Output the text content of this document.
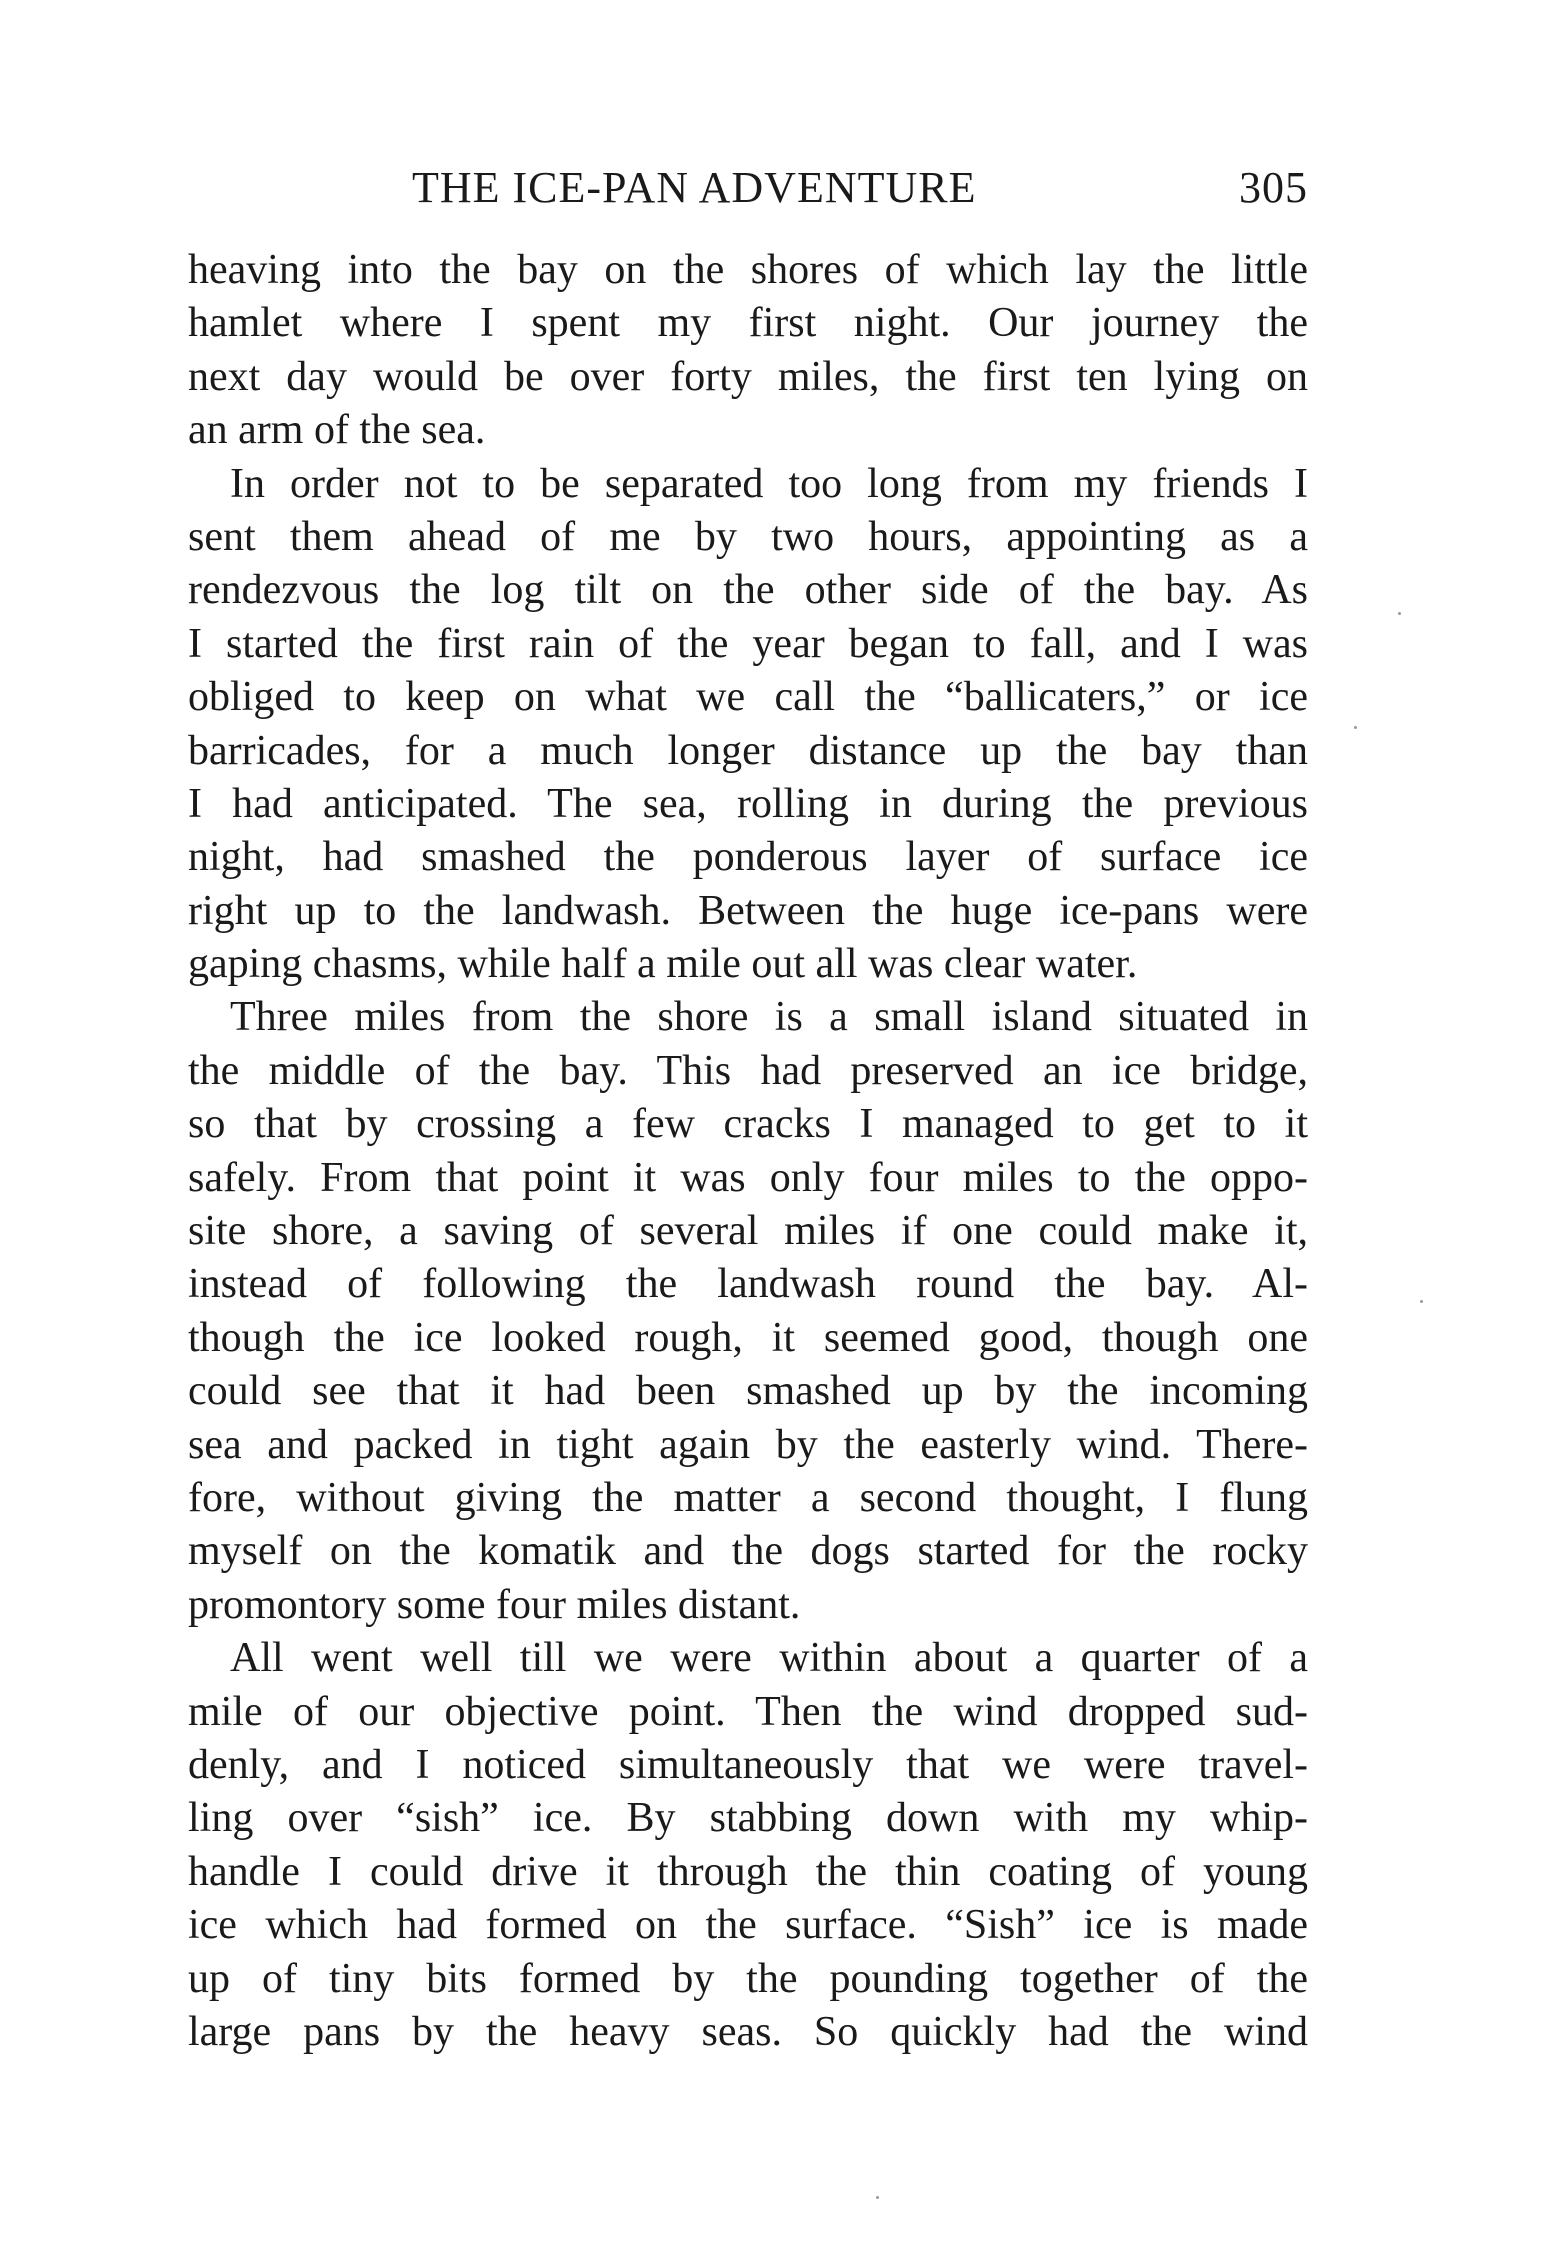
THE ICE-PAN ADVENTURE	305
heaving into the bay on the shores of which lay the little
hamlet where I spent my first night. Our journey the
next day would be over forty miles, the first ten lying on
an arm of the sea.
In order not to be separated too long from my friends I
sent them ahead of me by two hours, appointing as a
rendezvous the log tilt on the other side of the bay. As
I started the first rain of the year began to fall, and I was
obliged to keep on what we call the “ballicaters,” or ice
barricades, for a much longer distance up the bay than
I had anticipated. The sea, rolling in during the previous
night, had smashed the ponderous layer of surface ice
right up to the landwash. Between the huge ice-pans were
gaping chasms, while half a mile out all was clear water.
Three miles from the shore is a small island situated in
the middle of the bay. This had preserved an ice bridge,
so that by crossing a few cracks I managed to get to it
safely. From that point it was only four miles to the oppo-
site shore, a saving of several miles if one could make it,
instead of following the landwash round the bay. Al-
though the ice looked rough, it seemed good, though one
could see that it had been smashed up by the incoming
sea and packed in tight again by the easterly wind. There-
fore, without giving the matter a second thought, I flung
myself on the komatik and the dogs started for the rocky
promontory some four miles distant.
All went well till we were within about a quarter of a
mile of our objective point. Then the wind dropped sud-
denly, and I noticed simultaneously that we were travel-
ling over “sish” ice. By stabbing down with my whip-
handle I could drive it through the thin coating of young
ice which had formed on the surface. “Sish” ice is made
up of tiny bits formed by the pounding together of the
large pans by the heavy seas. So quickly had the wind
